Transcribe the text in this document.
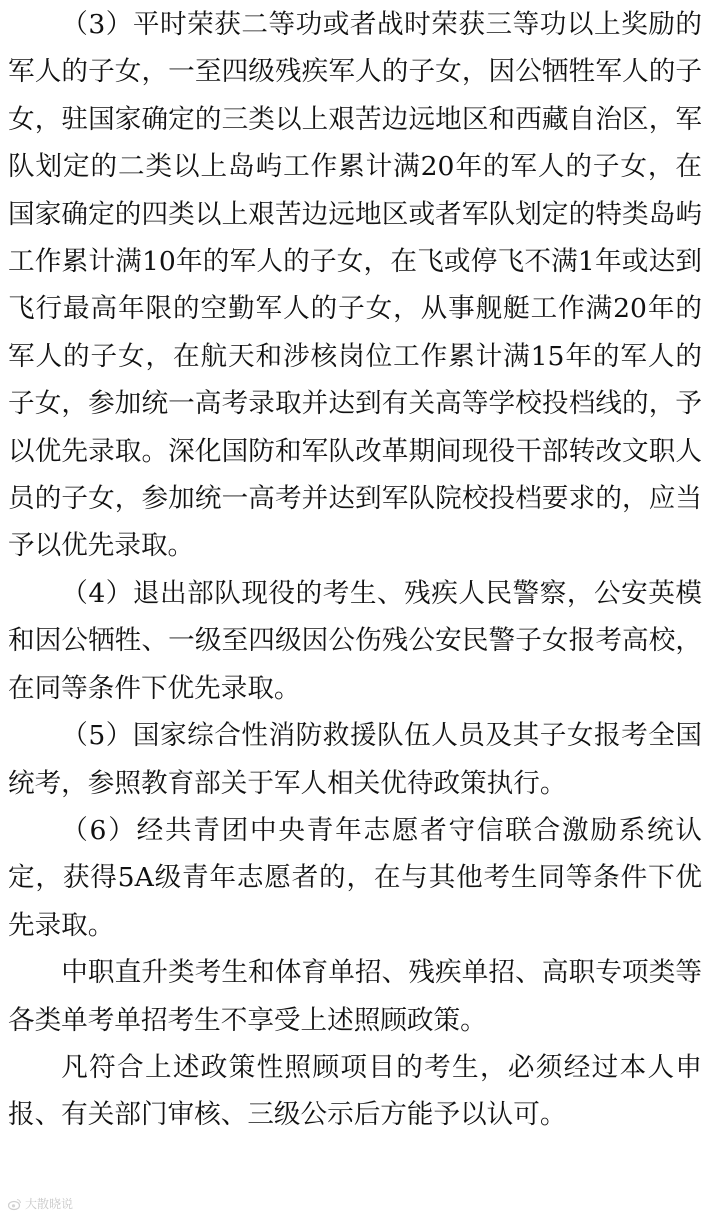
（3）平时荣获二等功或者战时荣获三等功以上奖励的军人的子女，一至四级残疾军人的子女，因公牺牲军人的子女，驻国家确定的三类以上艰苦边远地区和西藏自治区，军队划定的二类以上岛屿工作累计满20年的军人的子女，在国家确定的四类以上艰苦边远地区或者军队划定的特类岛屿工作累计满10年的军人的子女，在飞或停飞不满1年或达到飞行最高年限的空勤军人的子女，从事舰艇工作满20年的军人的子女，在航天和涉核岗位工作累计满15年的军人的子女，参加统一高考录取并达到有关高等学校投档线的，予以优先录取。深化国防和军队改革期间现役干部转改文职人员的子女，参加统一高考并达到军队院校投档要求的，应当予以优先录取。

（4）退出部队现役的考生、残疾人民警察，公安英模和因公牺牲、一级至四级因公伤残公安民警子女报考高校，在同等条件下优先录取。

（5）国家综合性消防救援队伍人员及其子女报考全国统考，参照教育部关于军人相关优待政策执行。

（6）经共青团中央青年志愿者守信联合激励系统认定，获得5A级青年志愿者的，在与其他考生同等条件下优先录取。

中职直升类考生和体育单招、残疾单招、高职专项类等各类单考单招考生不享受上述照顾政策。

凡符合上述政策性照顾项目的考生，必须经过本人申报、有关部门审核、三级公示后方能予以认可。

大散晓说
